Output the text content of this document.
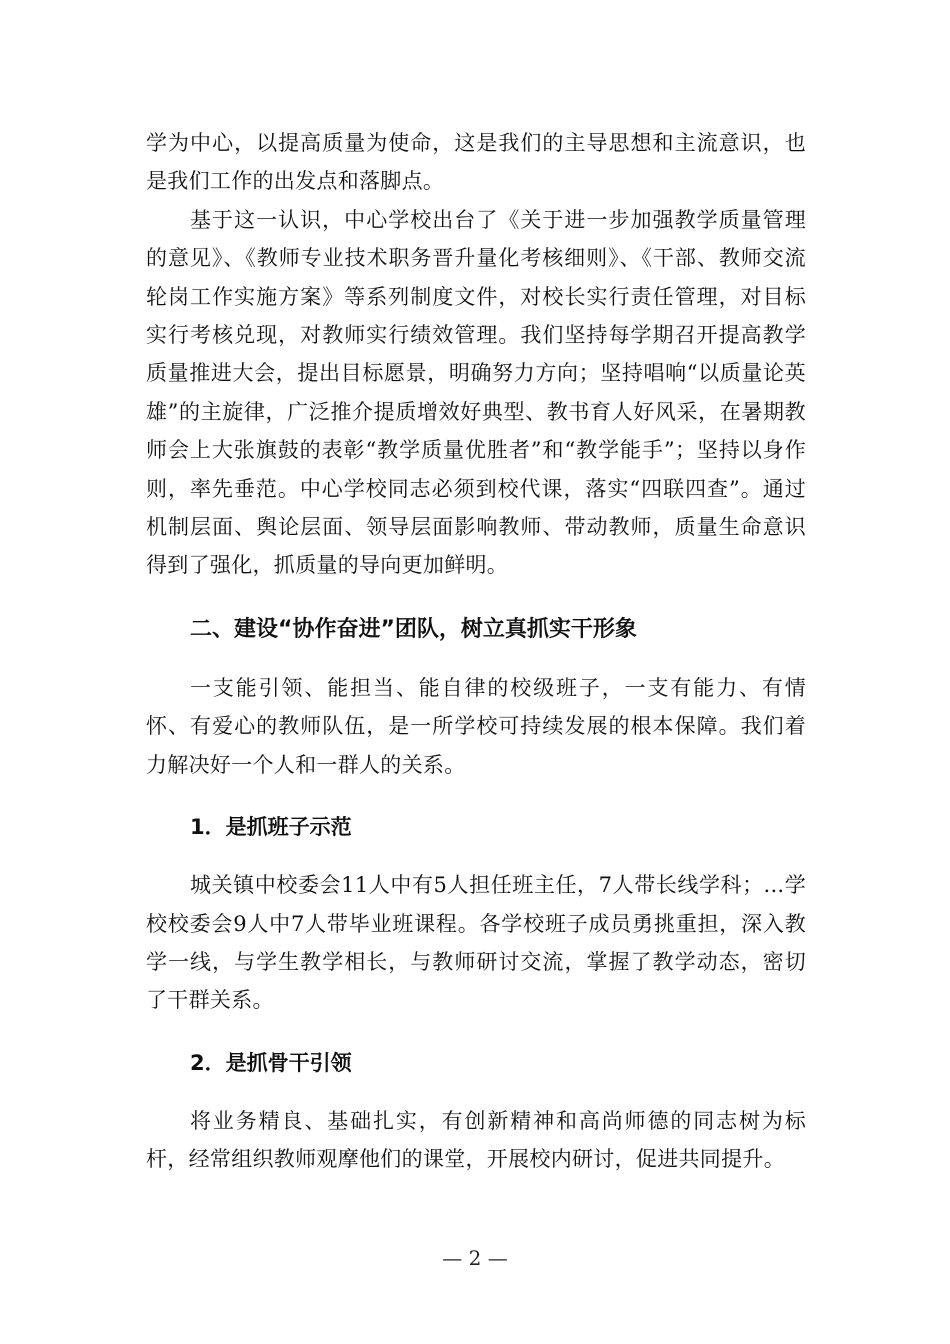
学为中心，以提高质量为使命，这是我们的主导思想和主流意识，也是我们工作的出发点和落脚点。

基于这一认识，中心学校出台了《关于进一步加强教学质量管理的意见》、《教师专业技术职务晋升量化考核细则》、《干部、教师交流轮岗工作实施方案》等系列制度文件，对校长实行责任管理，对目标实行考核兑现，对教师实行绩效管理。我们坚持每学期召开提高教学质量推进大会，提出目标愿景，明确努力方向；坚持唱响“以质量论英雄”的主旋律，广泛推介提质增效好典型、教书育人好风采，在暑期教师会上大张旗鼓的表彰“教学质量优胜者”和“教学能手”；坚持以身作则，率先垂范。中心学校同志必须到校代课，落实“四联四查”。通过机制层面、舆论层面、领导层面影响教师、带动教师，质量生命意识得到了强化，抓质量的导向更加鲜明。

二、建设“协作奋进”团队，树立真抓实干形象

一支能引领、能担当、能自律的校级班子，一支有能力、有情怀、有爱心的教师队伍，是一所学校可持续发展的根本保障。我们着力解决好一个人和一群人的关系。

1．是抓班子示范

城关镇中校委会11人中有5人担任班主任，7人带长线学科；...学校校委会9人中7人带毕业班课程。各学校班子成员勇挑重担，深入教学一线，与学生教学相长，与教师研讨交流，掌握了教学动态，密切了干群关系。

2．是抓骨干引领

将业务精良、基础扎实，有创新精神和高尚师德的同志树为标杆，经常组织教师观摩他们的课堂，开展校内研讨，促进共同提升。

— 2 —
